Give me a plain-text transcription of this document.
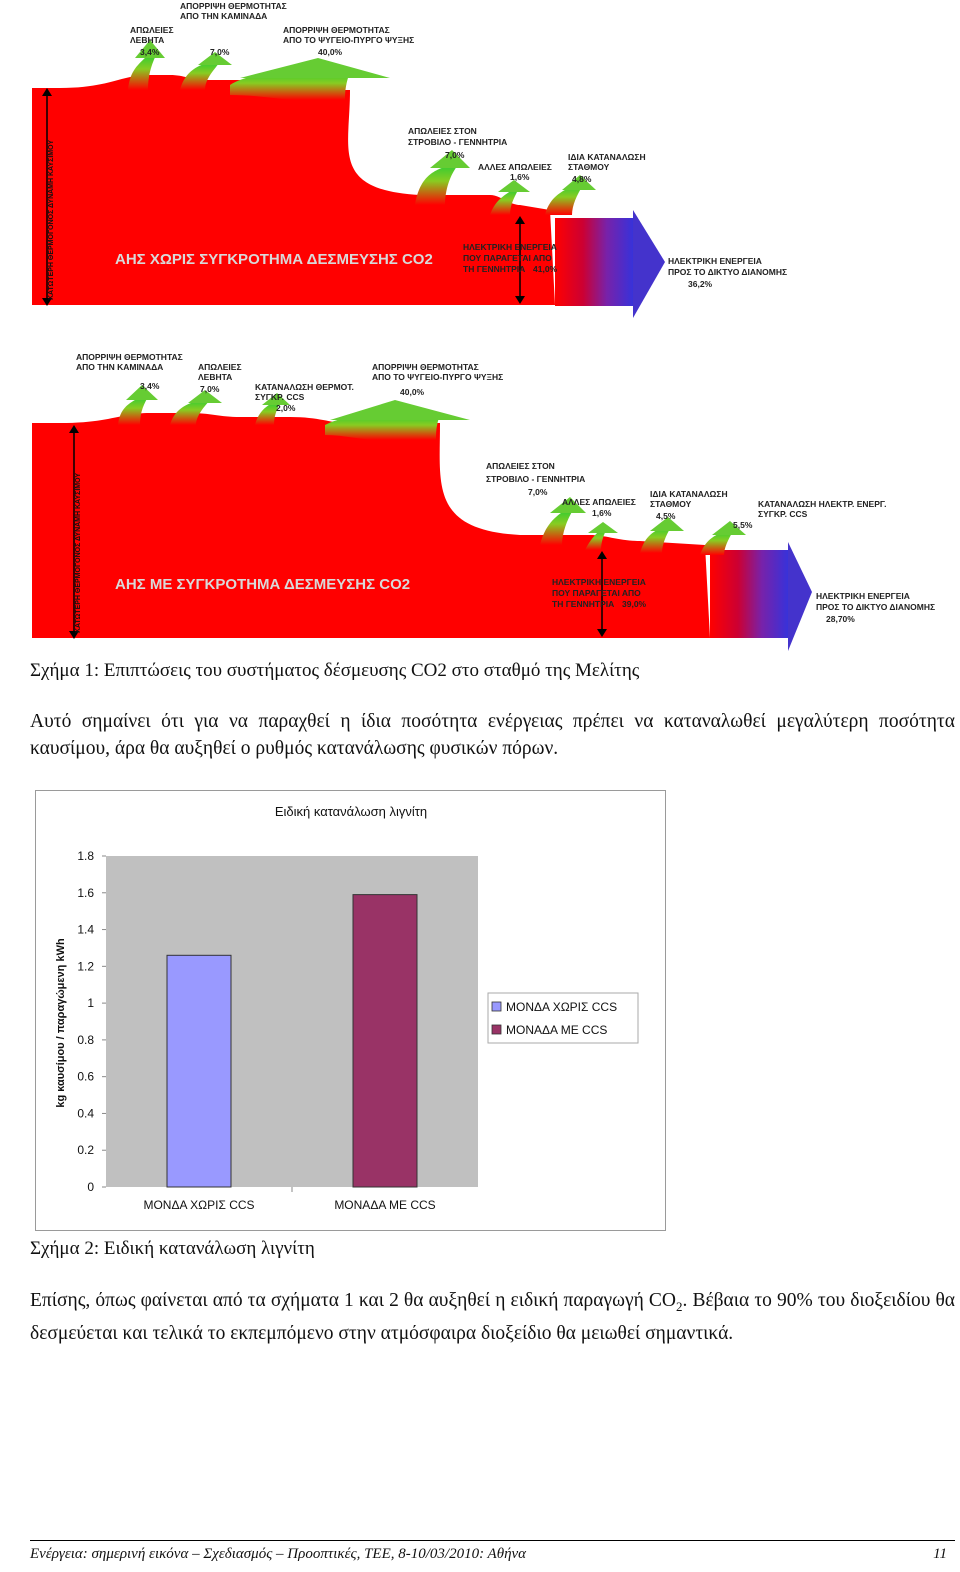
ΚΑΤΩΤΕΡΗ ΘΕΡΜΟΓΟΝΟΣ ΔΥΝΑΜΗ ΚΑΥΣΙΜΟΥ	ΑΗΣ ΧΩΡΙΣ ΣΥΓΚΡΟΤΗΜΑ ΔΕΣΜΕΥΣΗΣ CO2
ΑΠΩΛΕΙΕΣ
ΛΕΒΗΤΑ
3,4%
ΑΠΟΡΡΙΨΗ ΘΕΡΜΟΤΗΤΑΣ
ΑΠΟ ΤΗΝ ΚΑΜΙΝΑΔΑ
7,0%
ΑΠΟΡΡΙΨΗ ΘΕΡΜΟΤΗΤΑΣ
ΑΠΟ ΤΟ ΨΥΓΕΙΟ-ΠΥΡΓΟ ΨΥΞΗΣ
40,0%
ΑΠΩΛΕΙΕΣ ΣΤΟΝ
ΣΤΡΟΒΙΛΟ - ΓΕΝΝΗΤΡΙΑ
7,0%
ΑΛΛΕΣ ΑΠΩΛΕΙΕΣ
1,6%
ΙΔΙΑ ΚΑΤΑΝΑΛΩΣΗ
ΣΤΑΘΜΟΥ
4,8%
ΗΛΕΚΤΡΙΚΗ ΕΝΕΡΓΕΙΑ
ΠΟΥ ΠΑΡΑΓΕΤΑΙ ΑΠΟ
ΤΗ ΓΕΝΝΗΤΡΙΑ 41,0%
ΗΛΕΚΤΡΙΚΗ ΕΝΕΡΓΕΙΑ
ΠΡΟΣ ΤΟ ΔΙΚΤΥΟ ΔΙΑΝΟΜΗΣ
36,2%
ΚΑΤΩΤΕΡΗ ΘΕΡΜΟΓΟΝΟΣ ΔΥΝΑΜΗ ΚΑΥΣΙΜΟΥ ΑΗΣ ΜΕ ΣΥΓΚΡΟΤΗΜΑ ΔΕΣΜΕΥΣΗΣ CO2
ΑΠΟΡΡΙΨΗ ΘΕΡΜΟΤΗΤΑΣ
ΑΠΟ ΤΗΝ ΚΑΜΙΝΑΔΑ
3,4%
ΑΠΩΛΕΙΕΣ
ΛΕΒΗΤΑ
7,0%	ΚΑΤΑΝΑΛΩΣΗ ΘΕΡΜΟΤ.
ΣΥΓΚΡ. CCS
2,0%
ΑΠΟΡΡΙΨΗ ΘΕΡΜΟΤΗΤΑΣ
ΑΠΟ ΤΟ ΨΥΓΕΙΟ-ΠΥΡΓΟ ΨΥΞΗΣ
40,0%
ΑΠΩΛΕΙΕΣ ΣΤΟΝ
ΣΤΡΟΒΙΛΟ - ΓΕΝΝΗΤΡΙΑ
7,0%
ΑΛΛΕΣ ΑΠΩΛΕΙΕΣ
1,6%
ΙΔΙΑ ΚΑΤΑΝΑΛΩΣΗ
ΣΤΑΘΜΟΥ
4,5%
ΚΑΤΑΝΑΛΩΣΗ ΗΛΕΚΤΡ. ΕΝΕΡΓ.
ΣΥΓΚΡ. CCS
5,5%
ΗΛΕΚΤΡΙΚΗ ΕΝΕΡΓΕΙΑ
ΠΟΥ ΠΑΡΑΓΕΤΑΙ ΑΠΟ
ΤΗ ΓΕΝΝΗΤΡΙΑ 39,0%
ΗΛΕΚΤΡΙΚΗ ΕΝΕΡΓΕΙΑ
ΠΡΟΣ ΤΟ ΔΙΚΤΥΟ ΔΙΑΝΟΜΗΣ
28,70%
Σχήμα 1: Επιπτώσεις του συστήματος δέσμευσης CO2 στο σταθμό της Μελίτης
Αυτό σημαίνει ότι για να παραχθεί η ίδια ποσότητα ενέργειας πρέπει να καταναλωθεί μεγαλύτερη ποσότητα καυσίμου, άρα θα αυξηθεί ο ρυθμός κατανάλωσης φυσικών πόρων.
Ειδική κατανάλωση λιγνίτη
kg καυσίμου / παραγώμενη kWh
0
0.2
0.4
0.6
0.8
1
1.2
1.4
1.6
1.8
ΜΟΝΔΑ ΧΩΡΙΣ CCS	ΜΟΝΑΔΑ ΜΕ CCS
ΜΟΝΔΑ ΧΩΡΙΣ CCS
ΜΟΝΑΔΑ ΜΕ CCS
Σχήμα 2: Ειδική κατανάλωση λιγνίτη
Επίσης, όπως φαίνεται από τα σχήματα 1 και 2 θα αυξηθεί η ειδική παραγωγή $CO_2$. Βέβαια το 90% του διοξειδίου θα δεσμεύεται και τελικά το εκπεμπόμενο στην ατμόσφαιρα διοξείδιο θα μειωθεί σημαντικά.
Ενέργεια: σημερινή εικόνα – Σχεδιασμός – Προοπτικές, ΤΕΕ, 8-10/03/2010: Αθήνα	11
